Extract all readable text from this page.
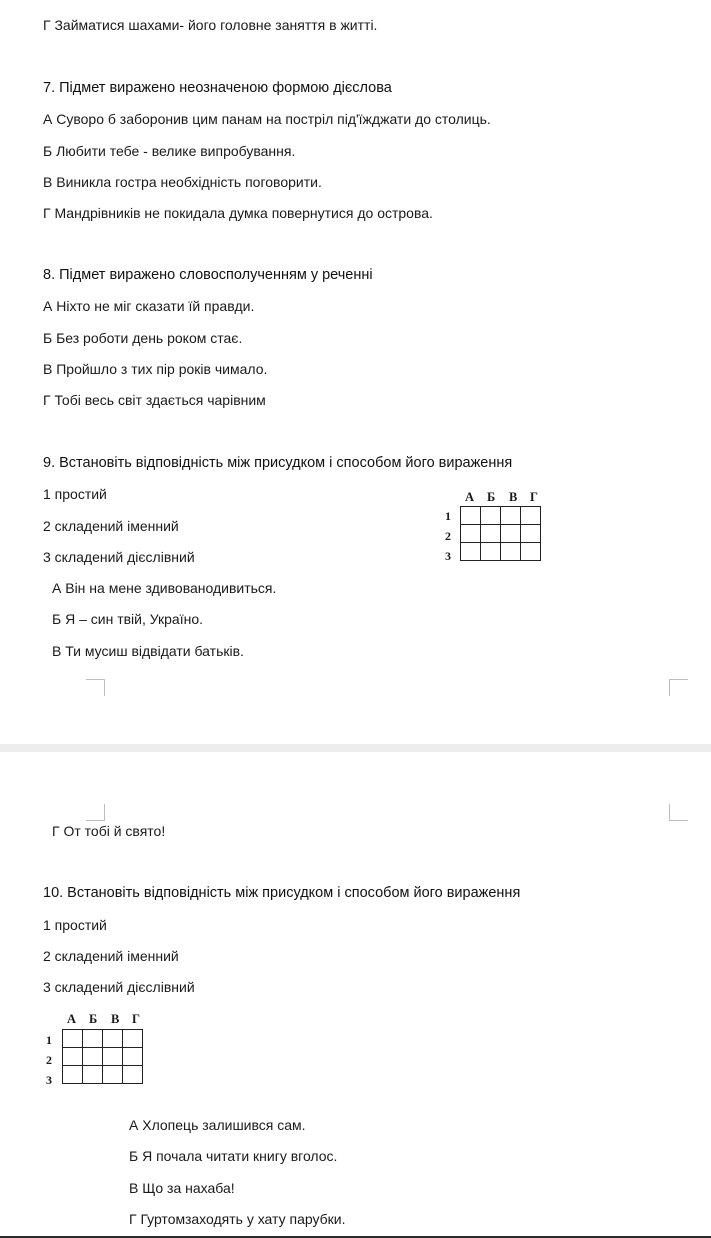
Г Займатися шахами- його головне заняття в житті.
7. Підмет виражено неозначеною формою дієслова
А Суворо б заборонив цим панам на постріл під'їжджати до столиць.
Б Любити тебе - велике випробування.
В Виникла гостра необхідність поговорити.
Г Мандрівників не покидала думка повернутися до острова.
8. Підмет виражено словосполученням у реченні
А Ніхто не міг сказати їй правди.
Б Без роботи день роком стає.
В Пройшло з тих пір років чимало.
Г Тобі весь світ здається чарівним
9. Встановіть відповідність між присудком і способом його вираження
1 простий
2 складений іменний
3 складений дієслівний
А Він на мене здивованодивиться.
Б Я – син твій, Україно.
В Ти мусиш відвідати батьків.
А Б В Г
1
2
3

Г От тобі й свято!
10. Встановіть відповідність між присудком і способом його вираження
1 простий
2 складений іменний
3 складений дієслівний
А Б В Г
1
2
3

А Хлопець залишився сам.
Б Я почала читати книгу вголос.
В Що за нахаба!
Г Гуртомзаходять у хату парубки.
